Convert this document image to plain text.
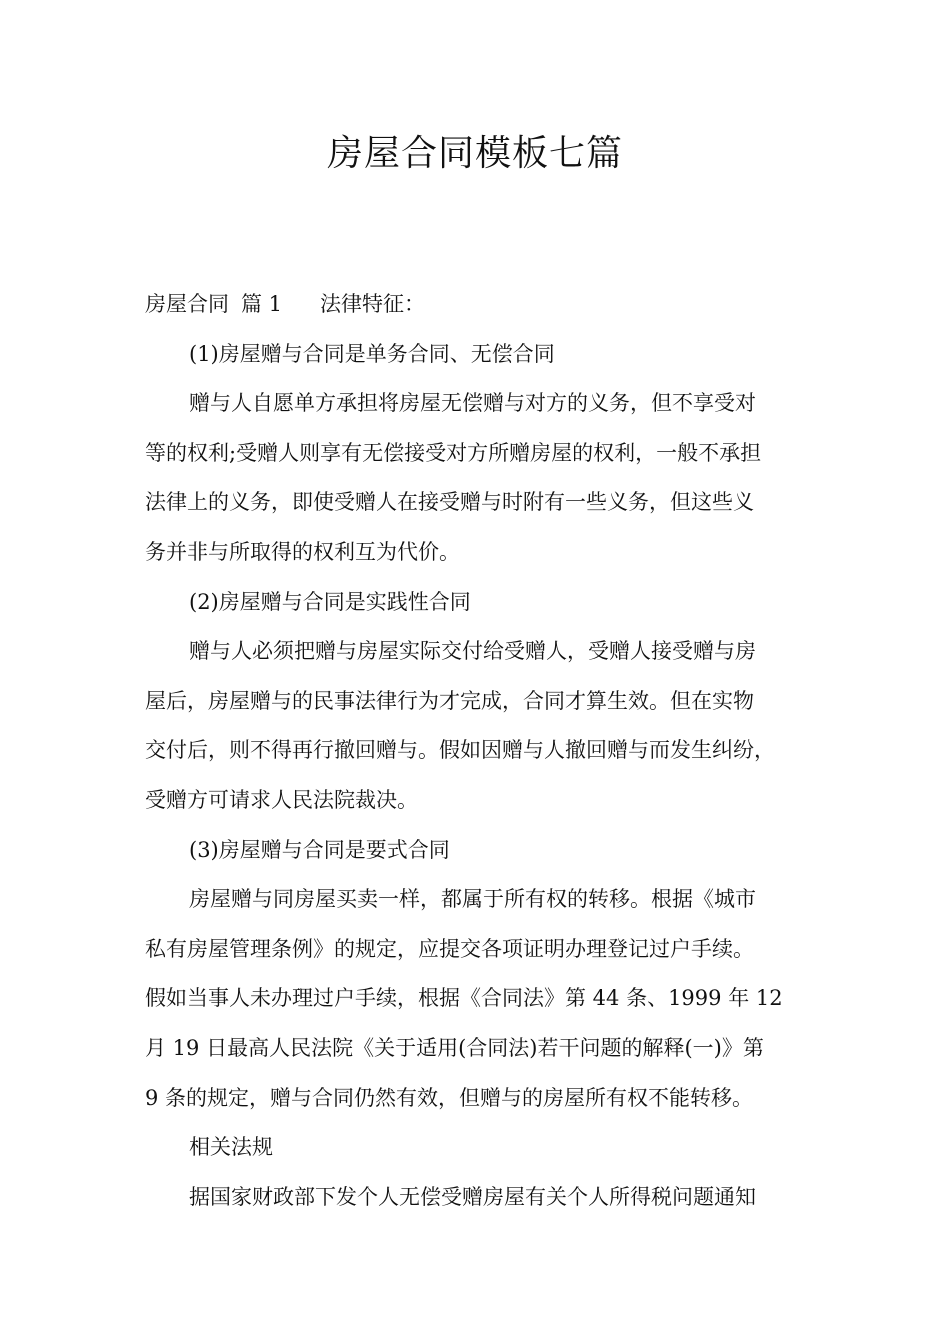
房屋合同模板七篇
房屋合同 篇 1 法律特征：
(1)房屋赠与合同是单务合同、无偿合同
赠与人自愿单方承担将房屋无偿赠与对方的义务，但不享受对
等的权利;受赠人则享有无偿接受对方所赠房屋的权利，一般不承担
法律上的义务，即使受赠人在接受赠与时附有一些义务，但这些义
务并非与所取得的权利互为代价。
(2)房屋赠与合同是实践性合同
赠与人必须把赠与房屋实际交付给受赠人，受赠人接受赠与房
屋后，房屋赠与的民事法律行为才完成，合同才算生效。但在实物
交付后，则不得再行撤回赠与。假如因赠与人撤回赠与而发生纠纷，
受赠方可请求人民法院裁决。
(3)房屋赠与合同是要式合同
房屋赠与同房屋买卖一样，都属于所有权的转移。根据《城市
私有房屋管理条例》的规定，应提交各项证明办理登记过户手续。
假如当事人未办理过户手续，根据《合同法》第 44 条、1999 年 12
月 19 日最高人民法院《关于适用(合同法)若干问题的解释(一)》第
9 条的规定，赠与合同仍然有效，但赠与的房屋所有权不能转移。
相关法规
据国家财政部下发个人无偿受赠房屋有关个人所得税问题通知
